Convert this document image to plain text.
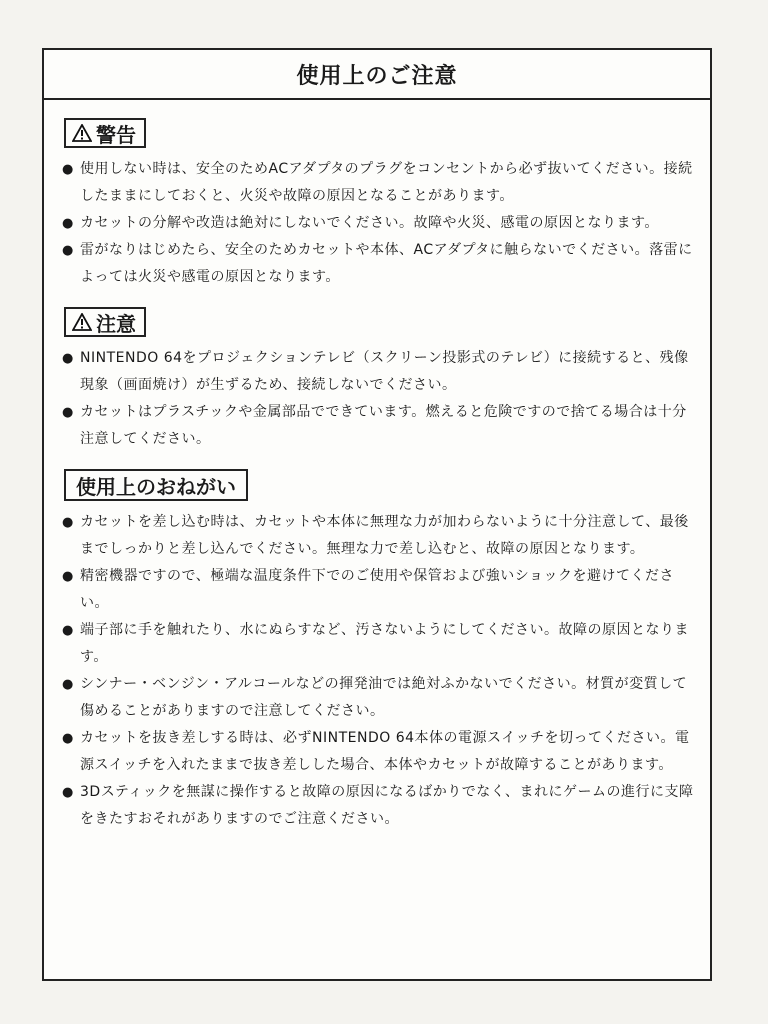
使用上のご注意
警告
● 使用しない時は、安全のためACアダプタのプラグをコンセントから必ず抜いてください。接続したままにしておくと、火災や故障の原因となることがあります。
● カセットの分解や改造は絶対にしないでください。故障や火災、感電の原因となります。
● 雷がなりはじめたら、安全のためカセットや本体、ACアダプタに触らないでください。落雷によっては火災や感電の原因となります。
注意
● NINTENDO 64をプロジェクションテレビ（スクリーン投影式のテレビ）に接続すると、残像現象（画面焼け）が生ずるため、接続しないでください。
● カセットはプラスチックや金属部品でできています。燃えると危険ですので捨てる場合は十分注意してください。
使用上のおねがい
● カセットを差し込む時は、カセットや本体に無理な力が加わらないように十分注意して、最後までしっかりと差し込んでください。無理な力で差し込むと、故障の原因となります。
● 精密機器ですので、極端な温度条件下でのご使用や保管および強いショックを避けてください。
● 端子部に手を触れたり、水にぬらすなど、汚さないようにしてください。故障の原因となります。
● シンナー・ベンジン・アルコールなどの揮発油では絶対ふかないでください。材質が変質して傷めることがありますので注意してください。
● カセットを抜き差しする時は、必ずNINTENDO 64本体の電源スイッチを切ってください。電源スイッチを入れたままで抜き差しした場合、本体やカセットが故障することがあります。
● 3Dスティックを無謀に操作すると故障の原因になるばかりでなく、まれにゲームの進行に支障をきたすおそれがありますのでご注意ください。
